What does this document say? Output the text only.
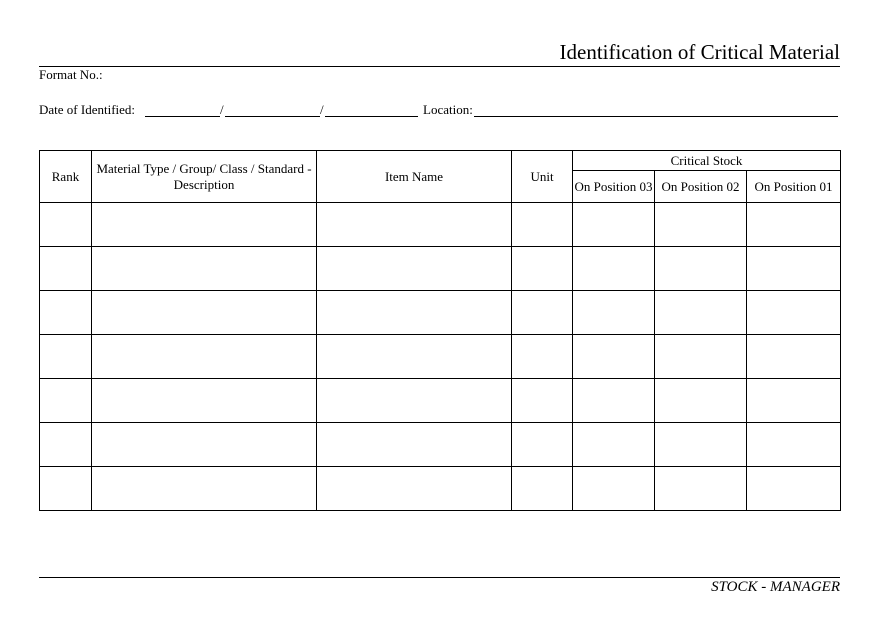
Identification of Critical Material
Format No.:
Date of Identified:	/	/	Location:
Rank	Material Type / Group/ Class / Standard - Description	Item Name	Unit	Critical Stock		
				On Position 03	On Position 02	On Position 01

STOCK - MANAGER
